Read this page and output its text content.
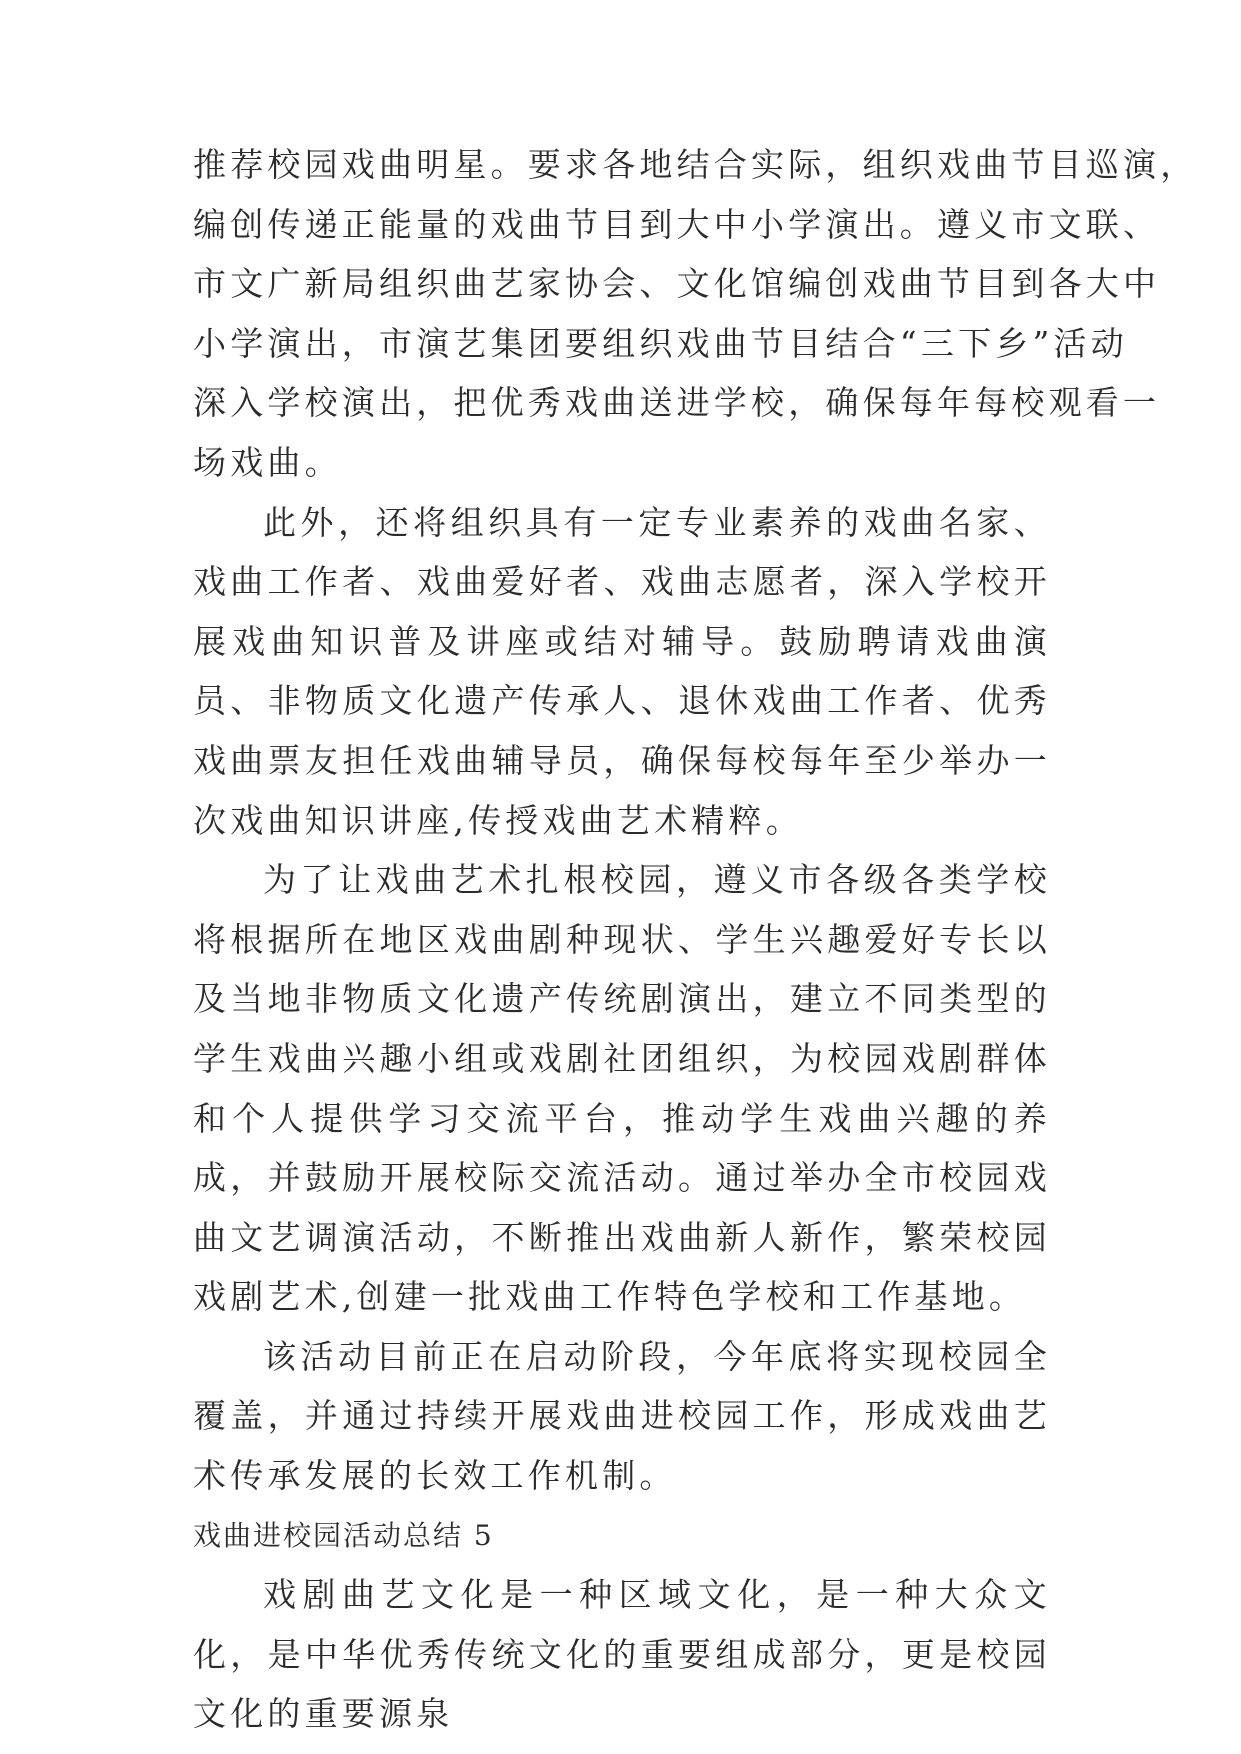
推荐校园戏曲明星。要求各地结合实际，组织戏曲节目巡演，

编创传递正能量的戏曲节目到大中小学演出。遵义市文联、

市文广新局组织曲艺家协会、文化馆编创戏曲节目到各大中

小学演出，市演艺集团要组织戏曲节目结合“三下乡”活动

深入学校演出，把优秀戏曲送进学校，确保每年每校观看一

场戏曲。

此外，还将组织具有一定专业素养的戏曲名家、戏曲工作者、戏曲爱好者、戏曲志愿者，深入学校开展戏曲知识普及讲座或结对辅导。鼓励聘请戏曲演员、非物质文化遗产传承人、退休戏曲工作者、优秀戏曲票友担任戏曲辅导员，确保每校每年至少举办一次戏曲知识讲座,传授戏曲艺术精粹。

为了让戏曲艺术扎根校园，遵义市各级各类学校将根据所在地区戏曲剧种现状、学生兴趣爱好专长以及当地非物质文化遗产传统剧演出，建立不同类型的学生戏曲兴趣小组或戏剧社团组织，为校园戏剧群体和个人提供学习交流平台，推动学生戏曲兴趣的养成，并鼓励开展校际交流活动。通过举办全市校园戏曲文艺调演活动，不断推出戏曲新人新作，繁荣校园戏剧艺术,创建一批戏曲工作特色学校和工作基地。

该活动目前正在启动阶段，今年底将实现校园全覆盖，并通过持续开展戏曲进校园工作，形成戏曲艺术传承发展的长效工作机制。

戏曲进校园活动总结 5

戏剧曲艺文化是一种区域文化，是一种大众文化，是中华优秀传统文化的重要组成部分，更是校园文化的重要源泉
